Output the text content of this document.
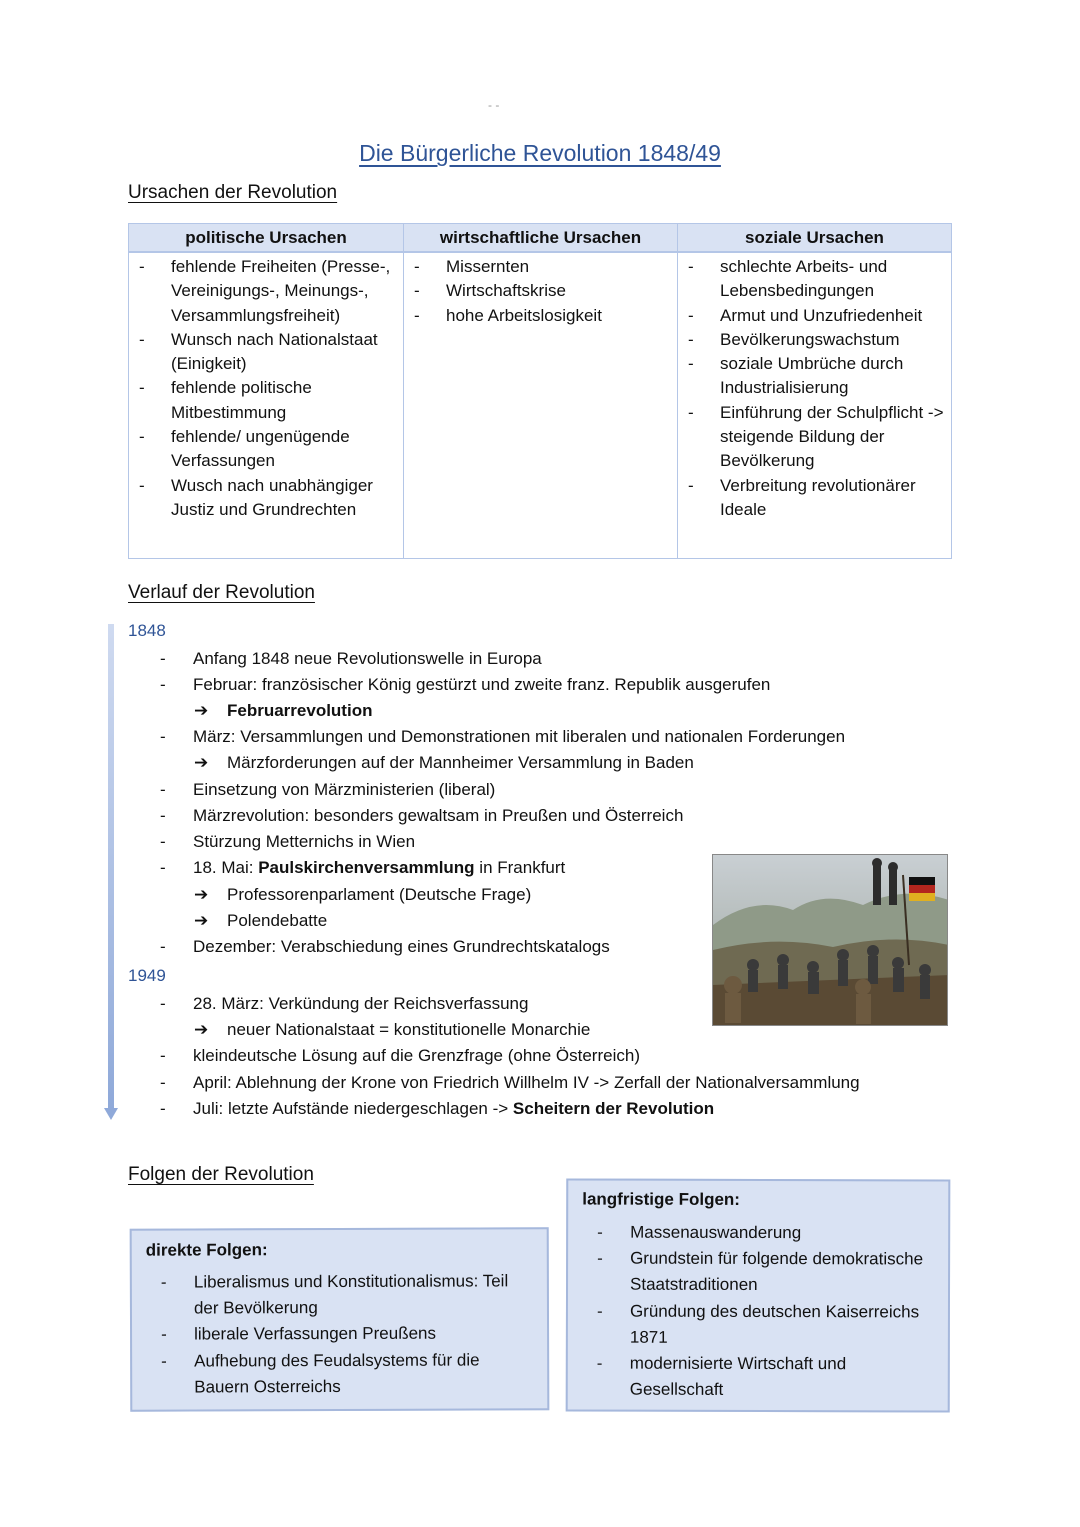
- -
Die Bürgerliche Revolution 1848/49
Ursachen der Revolution
politische Ursachen	wirtschaftliche Ursachen	soziale Ursachen
- fehlende Freiheiten (Presse-, Vereinigungs-, Meinungs-, Versammlungsfreiheit)
- Wunsch nach Nationalstaat (Einigkeit)
- fehlende politische Mitbestimmung
- fehlende/ ungenügende Verfassungen
- Wusch nach unabhängiger Justiz und Grundrechten
- Missernten
- Wirtschaftskrise
- hohe Arbeitslosigkeit
- schlechte Arbeits- und Lebensbedingungen
- Armut und Unzufriedenheit
- Bevölkerungswachstum
- soziale Umbrüche durch Industrialisierung
- Einführung der Schulpflicht -> steigende Bildung der Bevölkerung
- Verbreitung revolutionärer Ideale
Verlauf der Revolution
1848
- Anfang 1848 neue Revolutionswelle in Europa
- Februar: französischer König gestürzt und zweite franz. Republik ausgerufen
➔ Februarrevolution
- März: Versammlungen und Demonstrationen mit liberalen und nationalen Forderungen
➔ Märzforderungen auf der Mannheimer Versammlung in Baden
- Einsetzung von Märzministerien (liberal)
- Märzrevolution: besonders gewaltsam in Preußen und Österreich
- Stürzung Metternichs in Wien
- 18. Mai: Paulskirchenversammlung in Frankfurt
➔ Professorenparlament (Deutsche Frage)
➔ Polendebatte
- Dezember: Verabschiedung eines Grundrechtskatalogs
1949
- 28. März: Verkündung der Reichsverfassung
➔ neuer Nationalstaat = konstitutionelle Monarchie
- kleindeutsche Lösung auf die Grenzfrage (ohne Österreich)
- April: Ablehnung der Krone von Friedrich Willhelm IV -> Zerfall der Nationalversammlung
- Juli: letzte Aufstände niedergeschlagen -> Scheitern der Revolution
Folgen der Revolution
direkte Folgen:
- Liberalismus und Konstitutionalismus: Teil der Bevölkerung
- liberale Verfassungen Preußens
- Aufhebung des Feudalsystems für die Bauern Osterreichs
langfristige Folgen:
- Massenauswanderung
- Grundstein für folgende demokratische Staatstraditionen
- Gründung des deutschen Kaiserreichs 1871
- modernisierte Wirtschaft und Gesellschaft
